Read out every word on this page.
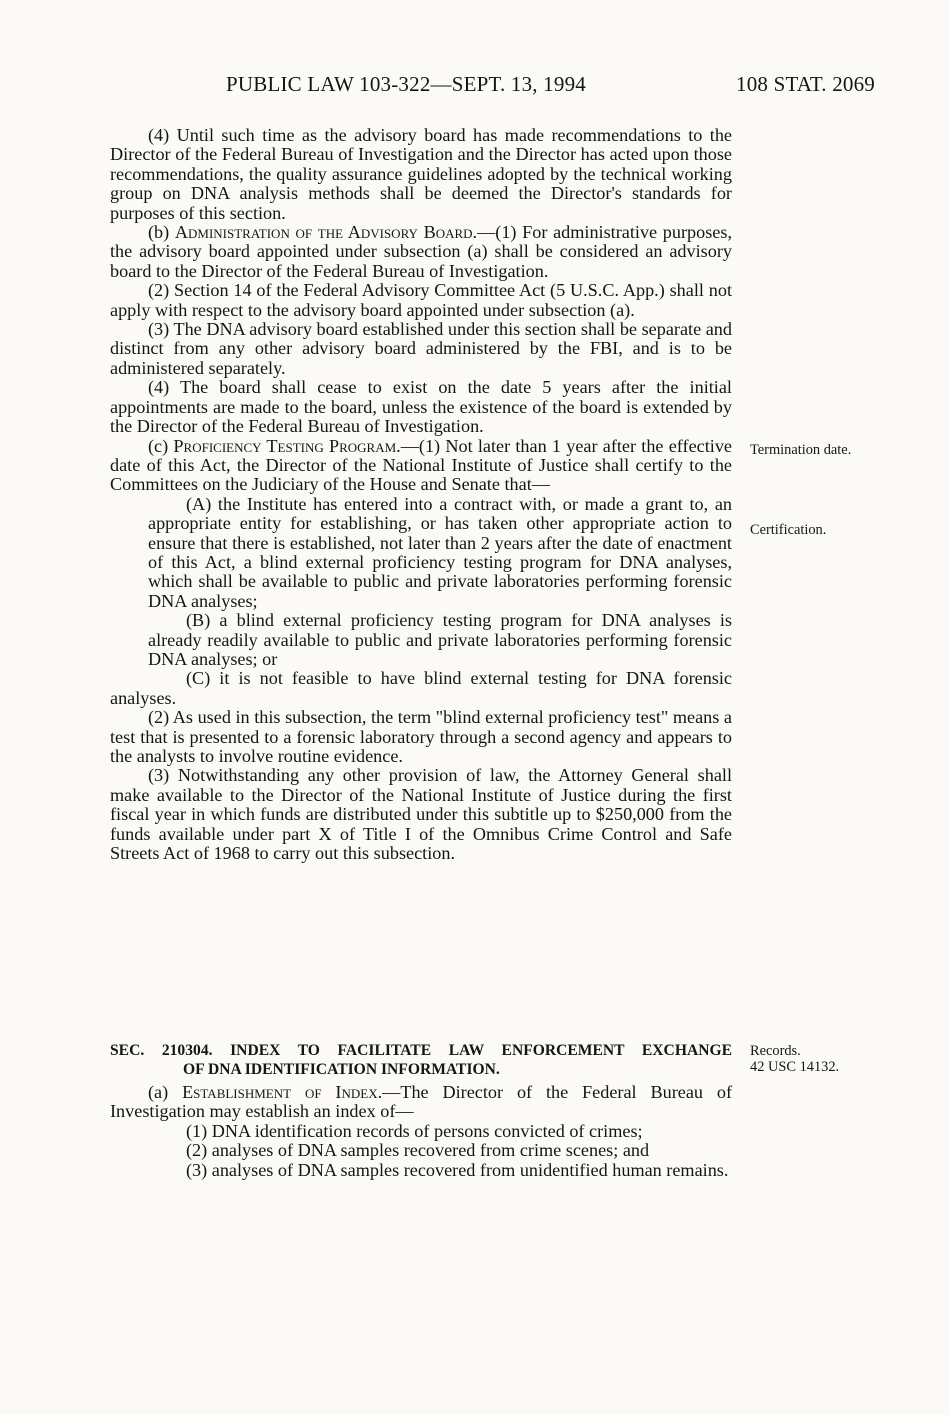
PUBLIC LAW 103-322—SEPT. 13, 1994	108 STAT. 2069

(4) Until such time as the advisory board has made recommendations to the Director of the Federal Bureau of Investigation and the Director has acted upon those recommendations, the quality assurance guidelines adopted by the technical working group on DNA analysis methods shall be deemed the Director's standards for purposes of this section.

(b) Administration of the Advisory Board.—(1) For administrative purposes, the advisory board appointed under subsection (a) shall be considered an advisory board to the Director of the Federal Bureau of Investigation.

(2) Section 14 of the Federal Advisory Committee Act (5 U.S.C. App.) shall not apply with respect to the advisory board appointed under subsection (a).

(3) The DNA advisory board established under this section shall be separate and distinct from any other advisory board administered by the FBI, and is to be administered separately.

(4) The board shall cease to exist on the date 5 years after the initial appointments are made to the board, unless the existence of the board is extended by the Director of the Federal Bureau of Investigation.

(c) Proficiency Testing Program.—(1) Not later than 1 year after the effective date of this Act, the Director of the National Institute of Justice shall certify to the Committees on the Judiciary of the House and Senate that—

(A) the Institute has entered into a contract with, or made a grant to, an appropriate entity for establishing, or has taken other appropriate action to ensure that there is established, not later than 2 years after the date of enactment of this Act, a blind external proficiency testing program for DNA analyses, which shall be available to public and private laboratories performing forensic DNA analyses;

(B) a blind external proficiency testing program for DNA analyses is already readily available to public and private laboratories performing forensic DNA analyses; or

(C) it is not feasible to have blind external testing for DNA forensic analyses.

(2) As used in this subsection, the term "blind external proficiency test" means a test that is presented to a forensic laboratory through a second agency and appears to the analysts to involve routine evidence.

(3) Notwithstanding any other provision of law, the Attorney General shall make available to the Director of the National Institute of Justice during the first fiscal year in which funds are distributed under this subtitle up to $250,000 from the funds available under part X of Title I of the Omnibus Crime Control and Safe Streets Act of 1968 to carry out this subsection.

SEC. 210304. INDEX TO FACILITATE LAW ENFORCEMENT EXCHANGE
OF DNA IDENTIFICATION INFORMATION.

(a) Establishment of Index.—The Director of the Federal Bureau of Investigation may establish an index of—

(1) DNA identification records of persons convicted of crimes;

(2) analyses of DNA samples recovered from crime scenes; and

(3) analyses of DNA samples recovered from unidentified human remains.

Termination date.
Certification.
Records.
42 USC 14132.
